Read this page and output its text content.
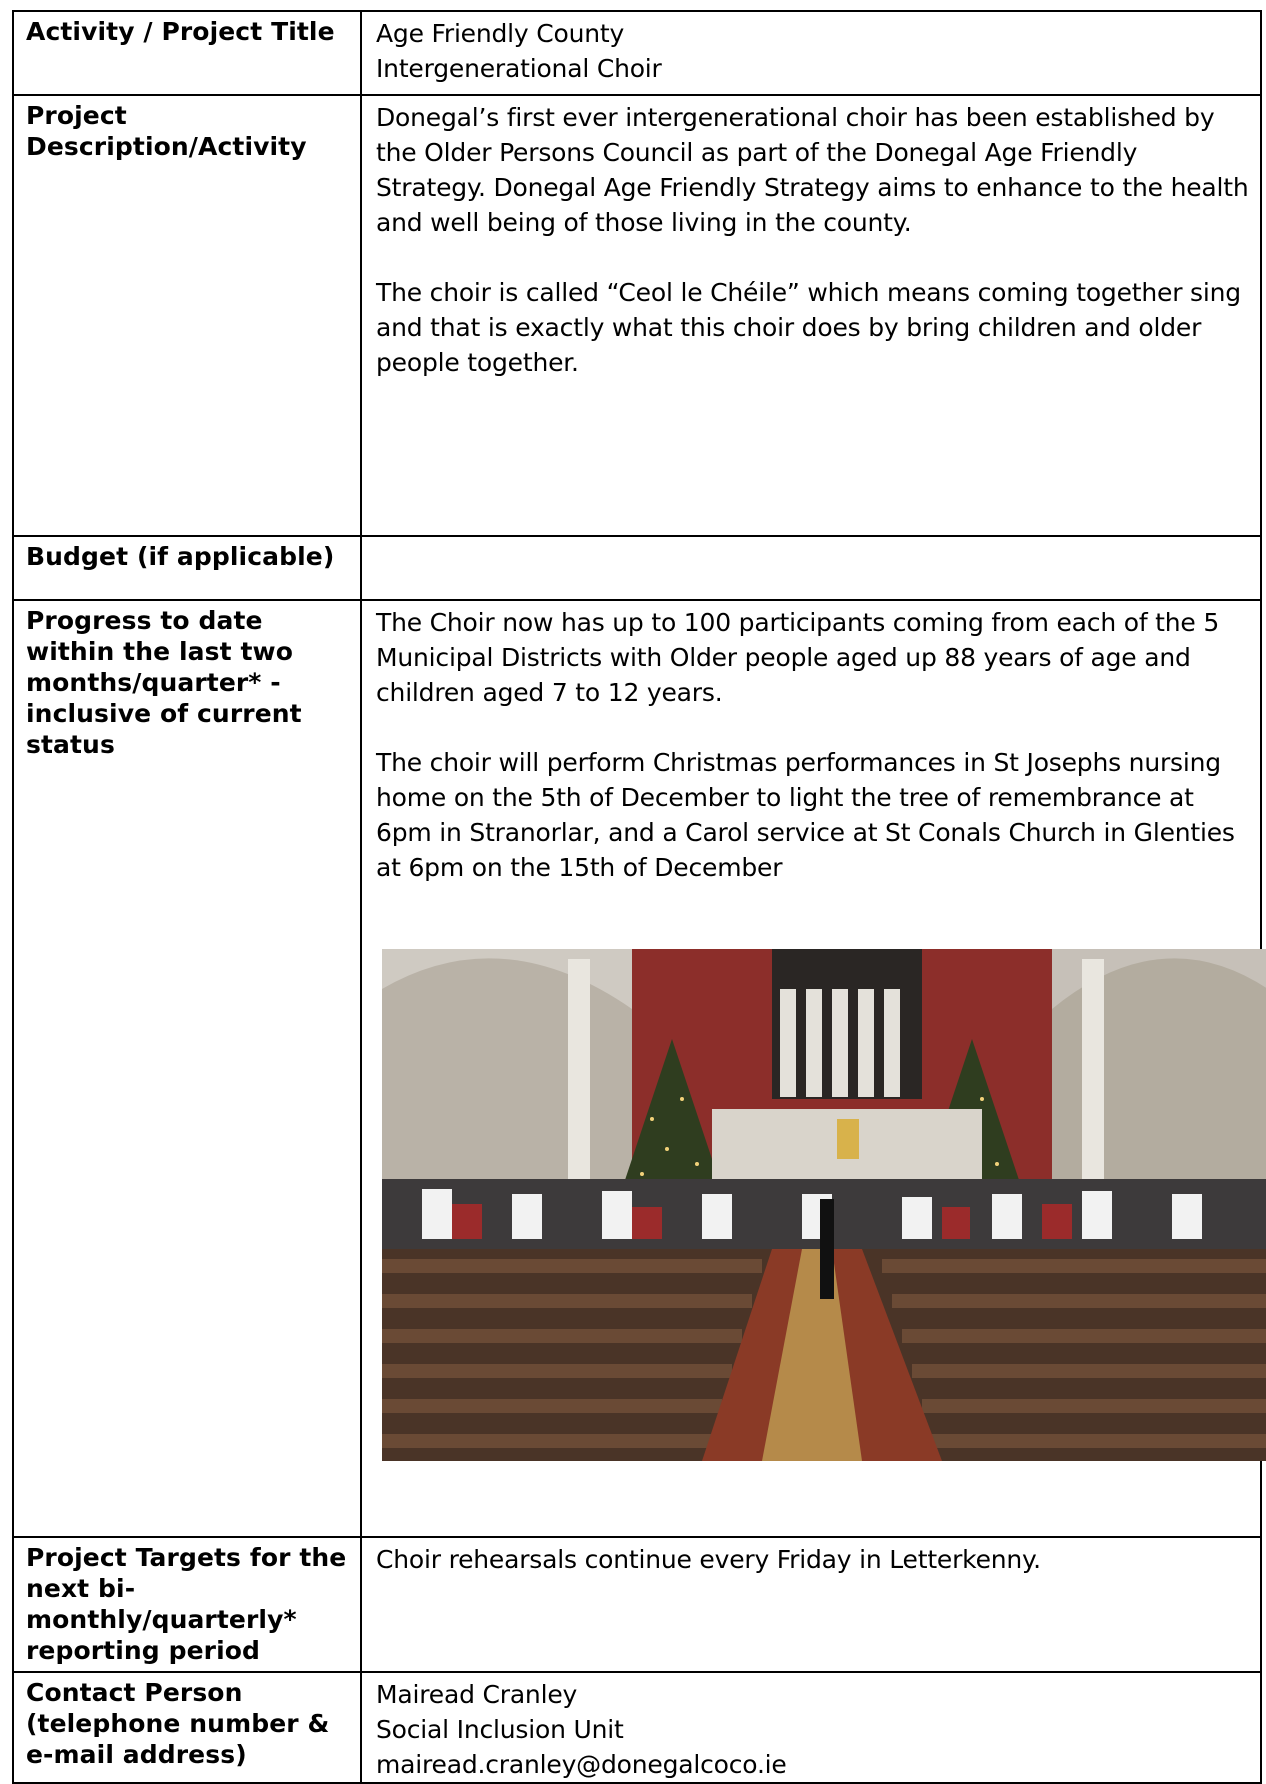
Activity / Project Title	Age Friendly County
Intergenerational Choir

Project Description/Activity	Donegal’s first ever intergenerational choir has been established by the Older Persons Council as part of the Donegal Age Friendly Strategy. Donegal Age Friendly Strategy aims to enhance to the health and well being of those living in the county.
The choir is called “Ceol le Chéile” which means coming together sing and that is exactly what this choir does by bring children and older people together.

Budget (if applicable)	
Progress to date within the last two months/quarter* - inclusive of current status	The Choir now has up to 100 participants coming from each of the 5 Municipal Districts with Older people aged up 88 years of age and children aged 7 to 12 years.
The choir will perform Christmas performances in St Josephs nursing home on the 5th of December to light the tree of remembrance at 6pm in Stranorlar, and a Carol service at St Conals Church in Glenties at 6pm on the 15th of December

Project Targets for the next bi-monthly/quarterly* reporting period	Choir rehearsals continue every Friday in Letterkenny.
Contact Person (telephone number & e-mail address)	Mairead Cranley
Social Inclusion Unit
mairead.cranley@donegalcoco.ie
